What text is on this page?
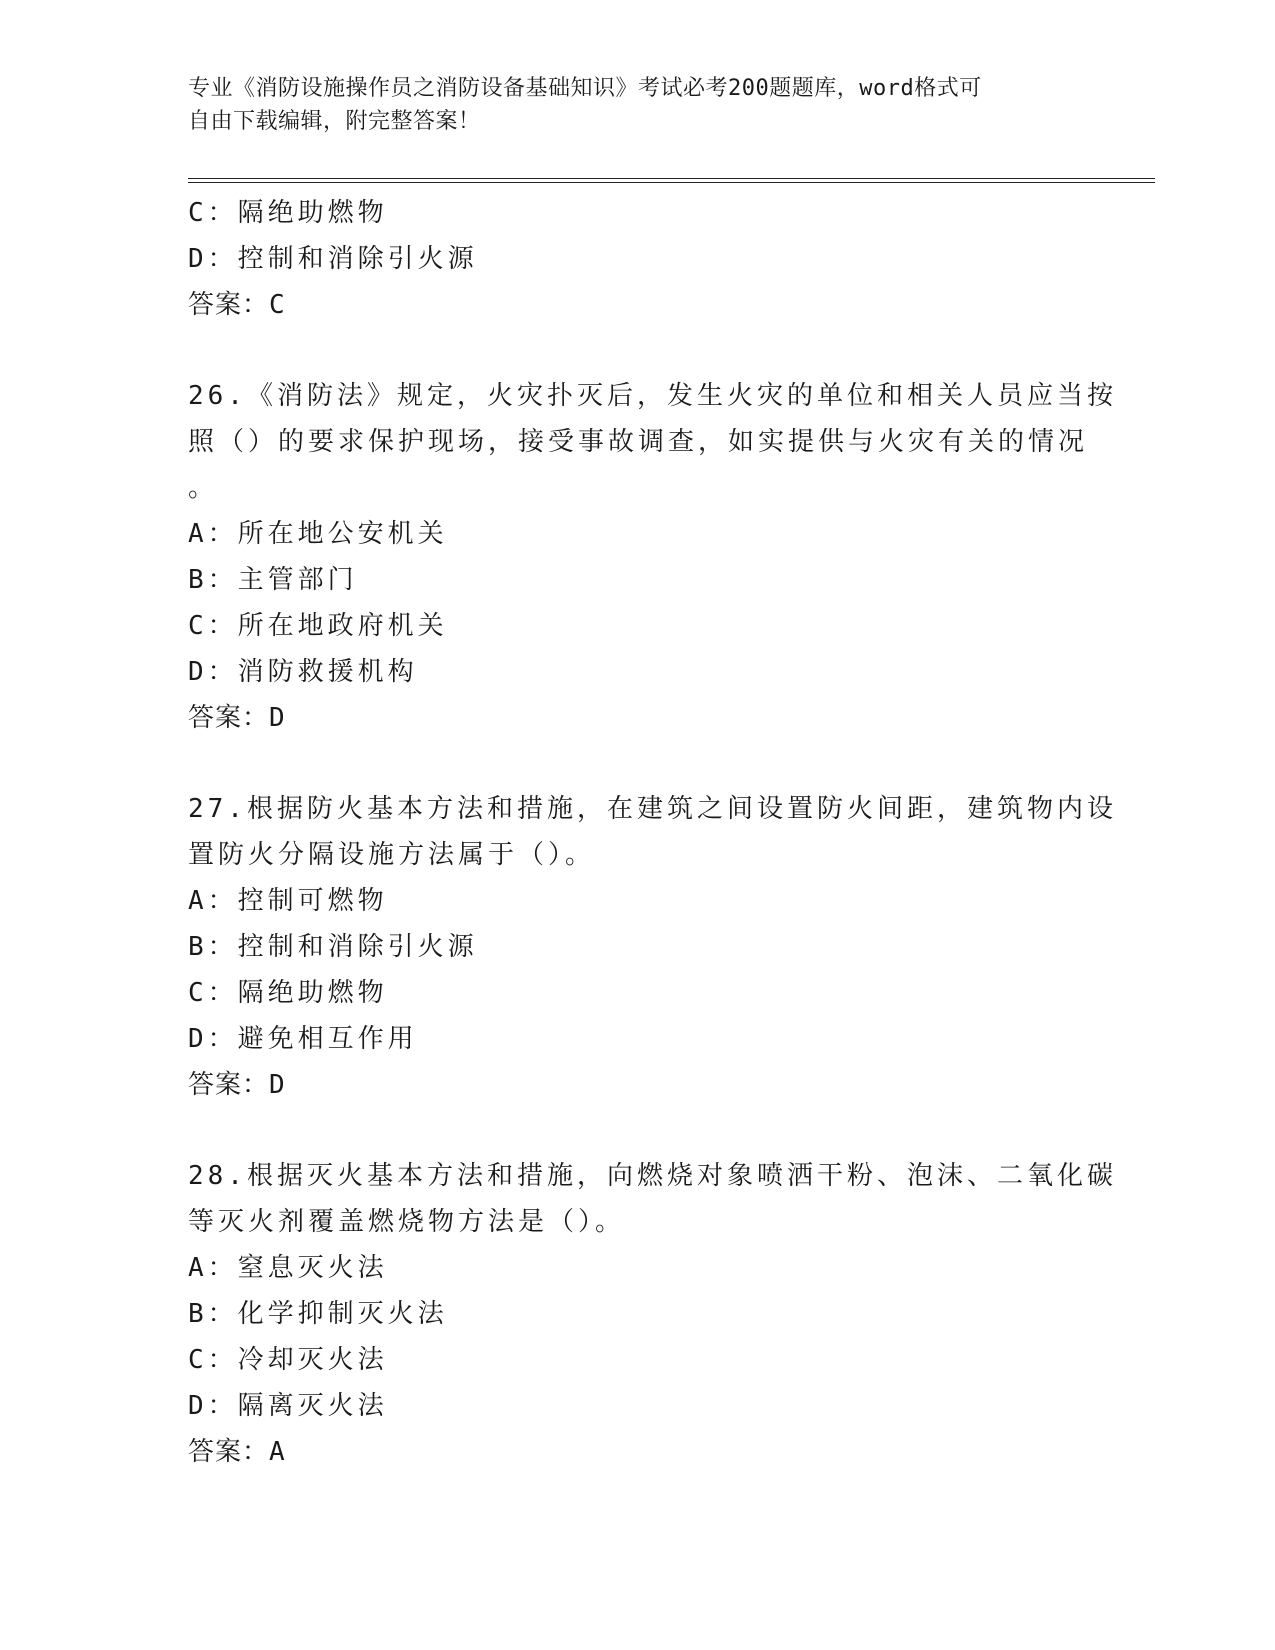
专业《消防设施操作员之消防设备基础知识》考试必考200题题库，word格式可
自由下载编辑，附完整答案！
C：隔绝助燃物
D：控制和消除引火源
答案：C
26.《消防法》规定，火灾扑灭后，发生火灾的单位和相关人员应当按
照（）的要求保护现场，接受事故调查，如实提供与火灾有关的情况
。
A：所在地公安机关
B：主管部门
C：所在地政府机关
D：消防救援机构
答案：D
27.根据防火基本方法和措施，在建筑之间设置防火间距，建筑物内设
置防火分隔设施方法属于（）。
A：控制可燃物
B：控制和消除引火源
C：隔绝助燃物
D：避免相互作用
答案：D
28.根据灭火基本方法和措施，向燃烧对象喷洒干粉、泡沫、二氧化碳
等灭火剂覆盖燃烧物方法是（）。
A：窒息灭火法
B：化学抑制灭火法
C：冷却灭火法
D：隔离灭火法
答案：A
